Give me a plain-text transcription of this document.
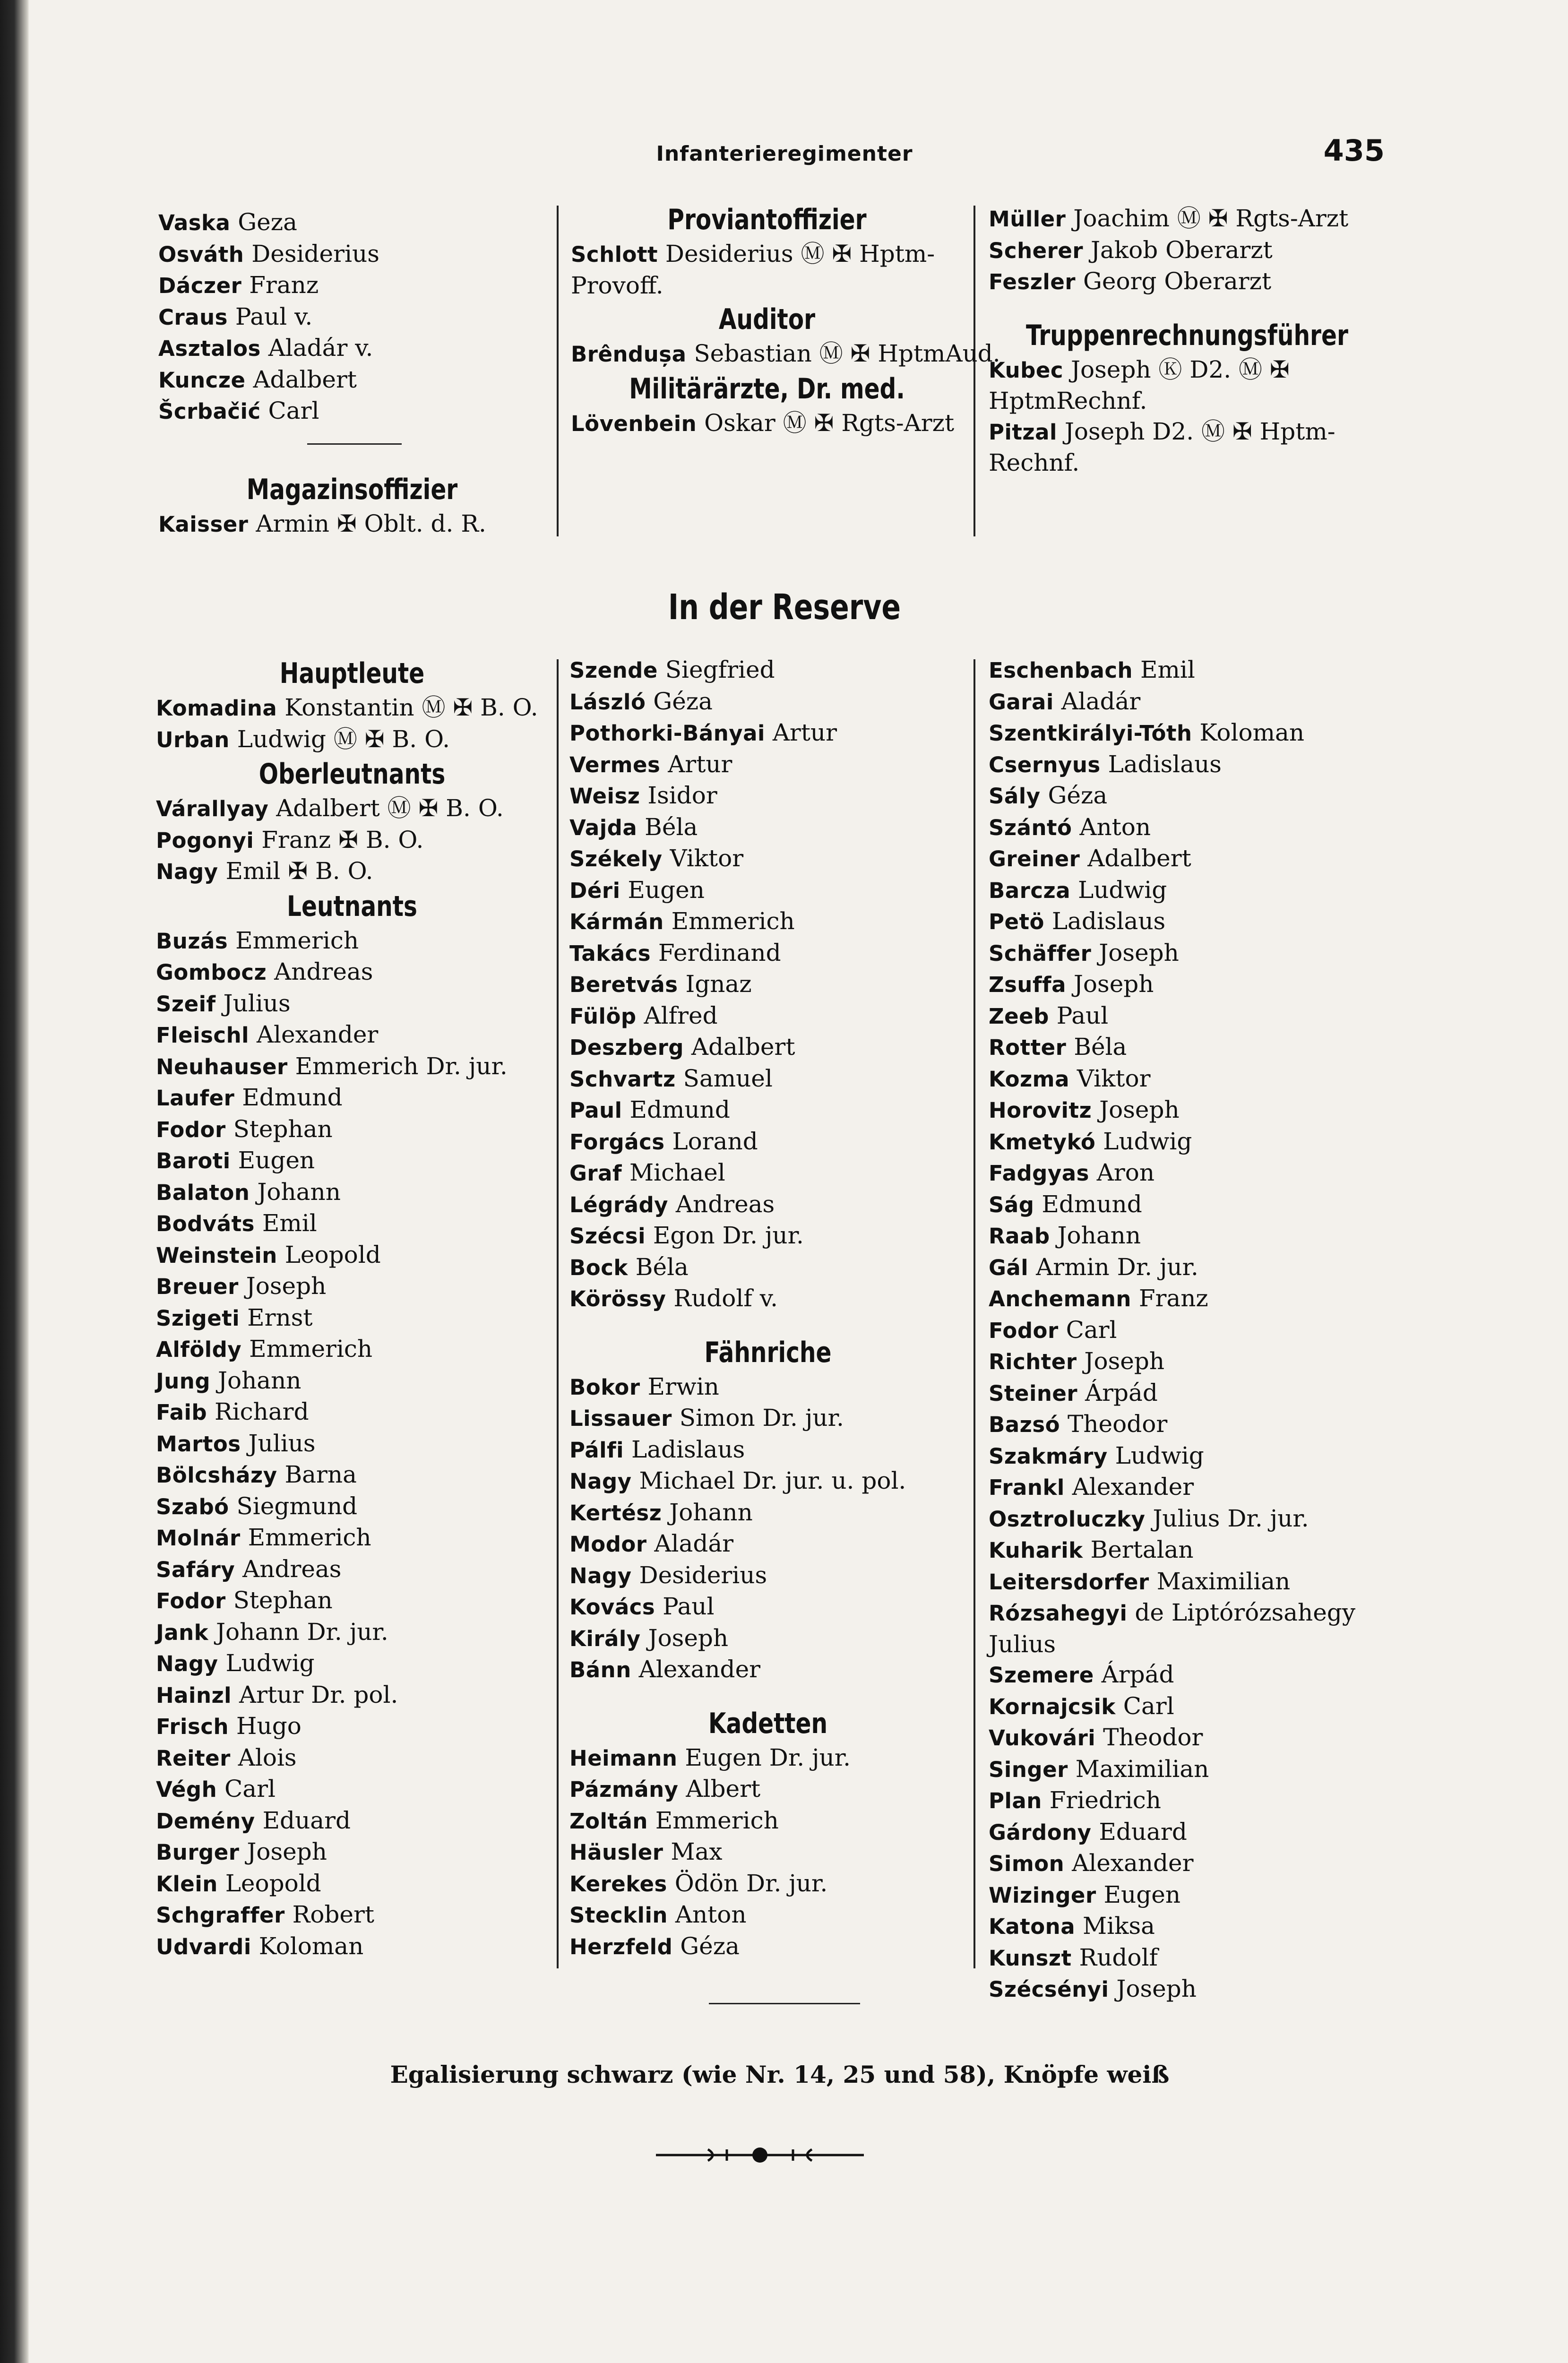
Infanterieregimenter	435
Vaska Geza
Osváth Desiderius
Dáczer Franz
Craus Paul v.
Asztalos Aladár v.
Kuncze Adalbert
Šcrbačić Carl
Magazinsoffizier
Kaisser Armin ✠ Oblt. d. R.
Proviantoffizier
Schlott Desiderius Ⓜ ✠ Hptm-Provoff.
Auditor
Brêndușa Sebastian Ⓜ ✠ HptmAud.
Militärärzte, Dr. med.
Lövenbein Oskar Ⓜ ✠ Rgts-Arzt
Müller Joachim Ⓜ ✠ Rgts-Arzt
Scherer Jakob Oberarzt
Feszler Georg Oberarzt
Truppenrechnungsführer
Kubec Joseph Ⓚ D2. Ⓜ ✠ HptmRechnf.
Pitzal Joseph D2. Ⓜ ✠ Hptm-Rechnf.
In der Reserve
Hauptleute
Komadina Konstantin Ⓜ ✠ B. O.
Urban Ludwig Ⓜ ✠ B. O.
Oberleutnants
Várallyay Adalbert Ⓜ ✠ B. O.
Pogonyi Franz ✠ B. O.
Nagy Emil ✠ B. O.
Leutnants
Buzás Emmerich
Gombocz Andreas
Szeif Julius
Fleischl Alexander
Neuhauser Emmerich Dr. jur.
Laufer Edmund
Fodor Stephan
Baroti Eugen
Balaton Johann
Bodváts Emil
Weinstein Leopold
Breuer Joseph
Szigeti Ernst
Alföldy Emmerich
Jung Johann
Faib Richard
Martos Julius
Bölcsházy Barna
Szabó Siegmund
Molnár Emmerich
Safáry Andreas
Fodor Stephan
Jank Johann Dr. jur.
Nagy Ludwig
Hainzl Artur Dr. pol.
Frisch Hugo
Reiter Alois
Végh Carl
Demény Eduard
Burger Joseph
Klein Leopold
Schgraffer Robert
Udvardi Koloman
Szende Siegfried
László Géza
Pothorki-Bányai Artur
Vermes Artur
Weisz Isidor
Vajda Béla
Székely Viktor
Déri Eugen
Kármán Emmerich
Takács Ferdinand
Beretvás Ignaz
Fülöp Alfred
Deszberg Adalbert
Schvartz Samuel
Paul Edmund
Forgács Lorand
Graf Michael
Légrády Andreas
Szécsi Egon Dr. jur.
Bock Béla
Körössy Rudolf v.
Fähnriche
Bokor Erwin
Lissauer Simon Dr. jur.
Pálfi Ladislaus
Nagy Michael Dr. jur. u. pol.
Kertész Johann
Modor Aladár
Nagy Desiderius
Kovács Paul
Király Joseph
Bánn Alexander
Kadetten
Heimann Eugen Dr. jur.
Pázmány Albert
Zoltán Emmerich
Häusler Max
Kerekes Ödön Dr. jur.
Stecklin Anton
Herzfeld Géza
Eschenbach Emil
Garai Aladár
Szentkirályi-Tóth Koloman
Csernyus Ladislaus
Sály Géza
Szántó Anton
Greiner Adalbert
Barcza Ludwig
Petö Ladislaus
Schäffer Joseph
Zsuffa Joseph
Zeeb Paul
Rotter Béla
Kozma Viktor
Horovitz Joseph
Kmetykó Ludwig
Fadgyas Aron
Ság Edmund
Raab Johann
Gál Armin Dr. jur.
Anchemann Franz
Fodor Carl
Richter Joseph
Steiner Árpád
Bazsó Theodor
Szakmáry Ludwig
Frankl Alexander
Osztroluczky Julius Dr. jur.
Kuharik Bertalan
Leitersdorfer Maximilian
Rózsahegyi de Liptórózsahegy Julius
Szemere Árpád
Kornajcsik Carl
Vukovári Theodor
Singer Maximilian
Plan Friedrich
Gárdony Eduard
Simon Alexander
Wizinger Eugen
Katona Miksa
Kunszt Rudolf
Szécsényi Joseph
Egalisierung schwarz (wie Nr. 14, 25 und 58), Knöpfe weiß
